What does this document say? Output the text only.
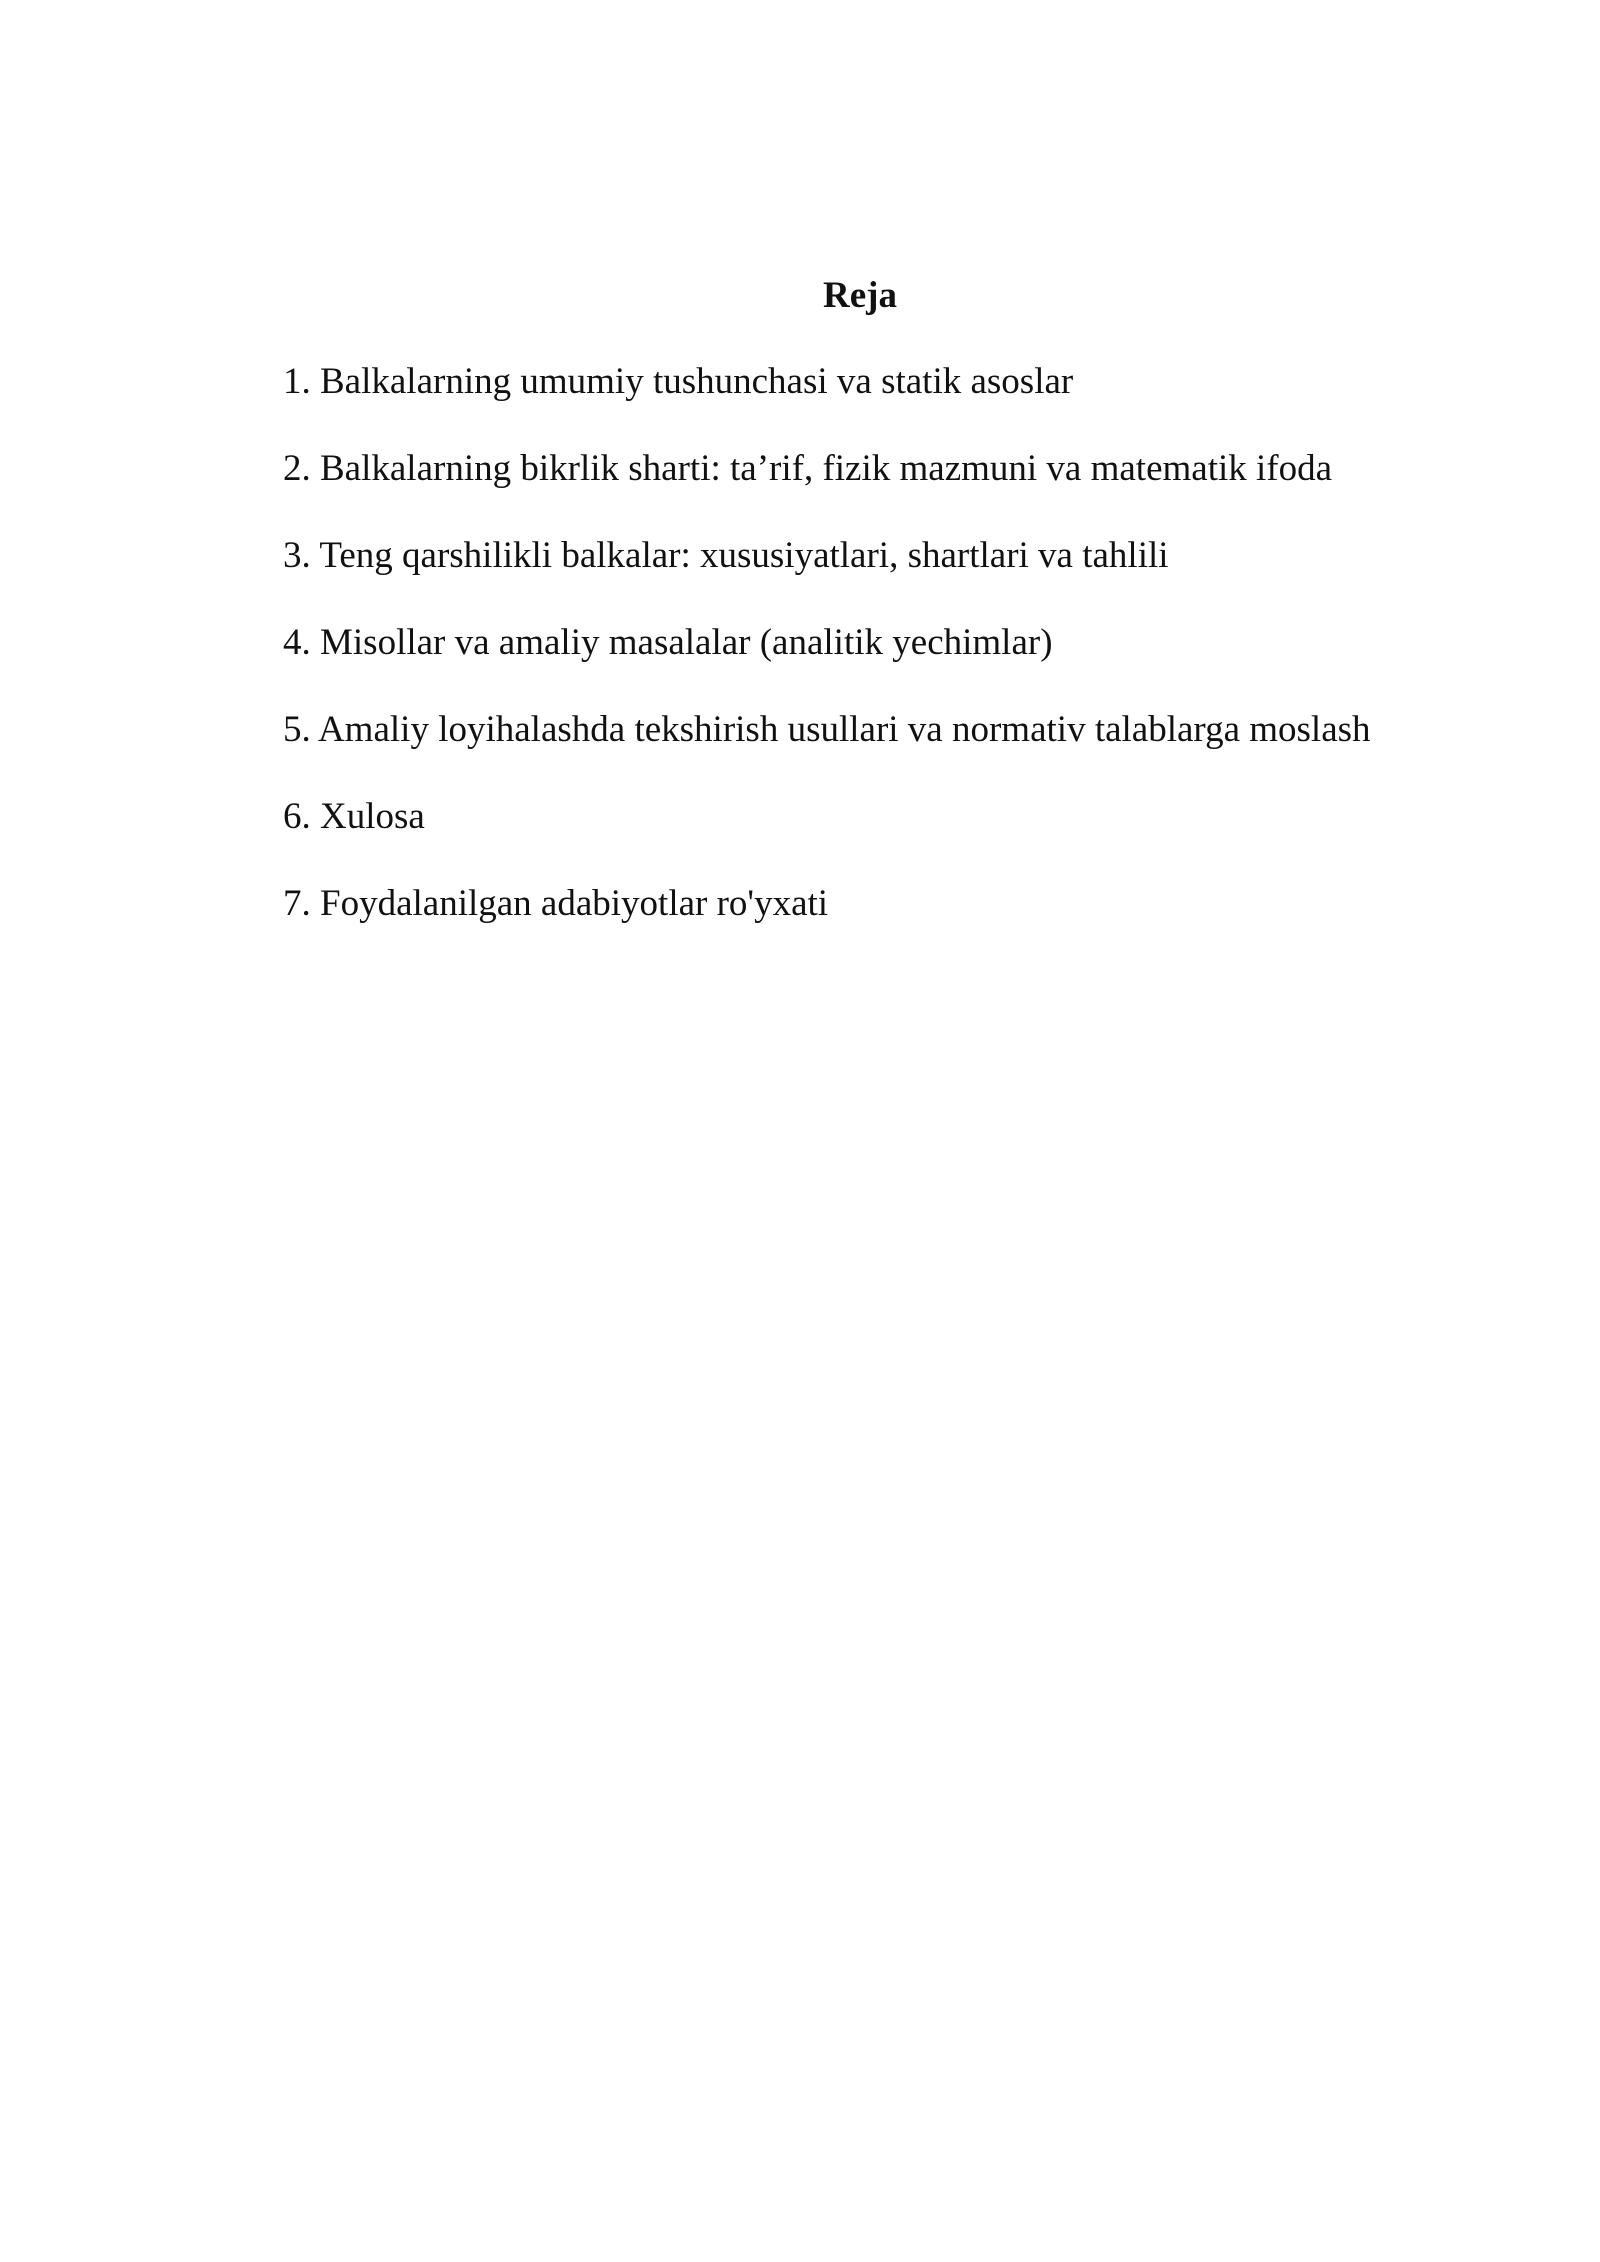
Reja
1. Balkalarning umumiy tushunchasi va statik asoslar
2. Balkalarning bikrlik sharti: ta’rif, fizik mazmuni va matematik ifoda
3. Teng qarshilikli balkalar: xususiyatlari, shartlari va tahlili
4. Misollar va amaliy masalalar (analitik yechimlar)
5. Amaliy loyihalashda tekshirish usullari va normativ talablarga moslash
6. Xulosa
7. Foydalanilgan adabiyotlar ro'yxati
